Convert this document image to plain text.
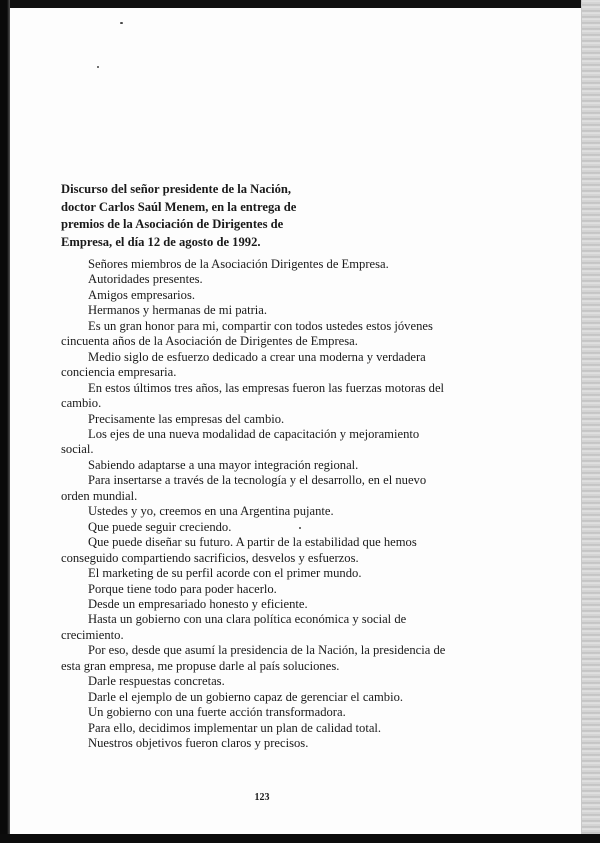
Discurso del señor presidente de la Nación,
doctor Carlos Saúl Menem, en la entrega de
premios de la Asociación de Dirigentes de
Empresa, el día 12 de agosto de 1992.
Señores miembros de la Asociación Dirigentes de Empresa.
Autoridades presentes.
Amigos empresarios.
Hermanos y hermanas de mi patria.
Es un gran honor para mi, compartir con todos ustedes estos jóvenes
cincuenta años de la Asociación de Dirigentes de Empresa.
Medio siglo de esfuerzo dedicado a crear una moderna y verdadera
conciencia empresaria.
En estos últimos tres años, las empresas fueron las fuerzas motoras del
cambio.
Precisamente las empresas del cambio.
Los ejes de una nueva modalidad de capacitación y mejoramiento
social.
Sabiendo adaptarse a una mayor integración regional.
Para insertarse a través de la tecnología y el desarrollo, en el nuevo
orden mundial.
Ustedes y yo, creemos en una Argentina pujante.
Que puede seguir creciendo.
Que puede diseñar su futuro. A partir de la estabilidad que hemos
conseguido compartiendo sacrificios, desvelos y esfuerzos.
El marketing de su perfil acorde con el primer mundo.
Porque tiene todo para poder hacerlo.
Desde un empresariado honesto y eficiente.
Hasta un gobierno con una clara política económica y social de
crecimiento.
Por eso, desde que asumí la presidencia de la Nación, la presidencia de
esta gran empresa, me propuse darle al país soluciones.
Darle respuestas concretas.
Darle el ejemplo de un gobierno capaz de gerenciar el cambio.
Un gobierno con una fuerte acción transformadora.
Para ello, decidimos implementar un plan de calidad total.
Nuestros objetivos fueron claros y precisos.
123
